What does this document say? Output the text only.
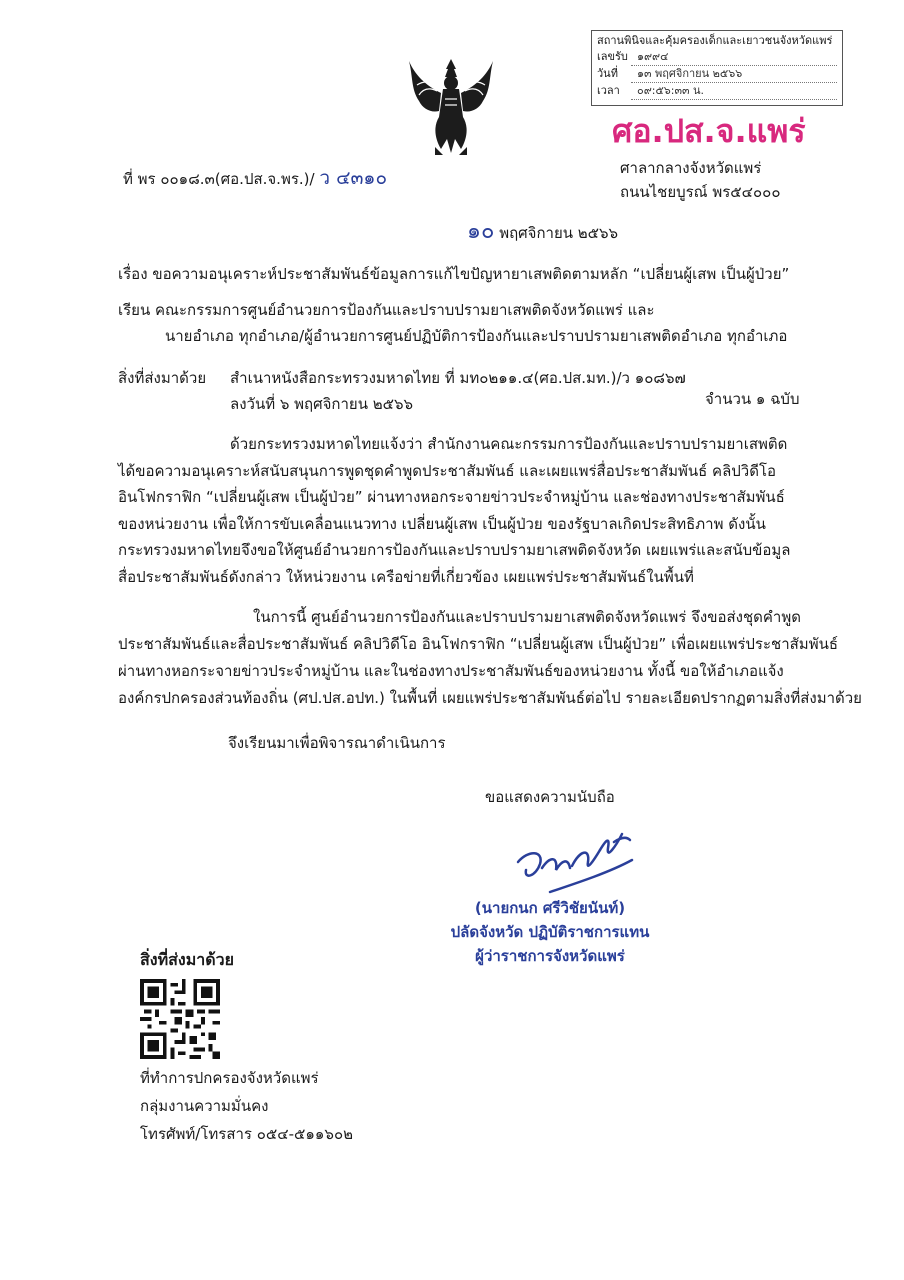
สถานพินิจและคุ้มครองเด็กและเยาวชนจังหวัดแพร่
เลขรับ ๑๙๙๔
วันที่	๑๓ พฤศจิกายน ๒๕๖๖
เวลา	๐๙:๕๖:๓๓ น.
ศอ.ปส.จ.แพร่
ที่ พร ๐๐๑๘.๓(ศอ.ปส.จ.พร.)/ ว ๔๓๑๐	ศาลากลางจังหวัดแพร่
ถนนไชยบูรณ์ พร๕๔๐๐๐
๑๐ พฤศจิกายน ๒๕๖๖
เรื่อง ขอความอนุเคราะห์ประชาสัมพันธ์ข้อมูลการแก้ไขปัญหายาเสพติดตามหลัก “เปลี่ยนผู้เสพ เป็นผู้ป่วย”
เรียน คณะกรรมการศูนย์อำนวยการป้องกันและปราบปรามยาเสพติดจังหวัดแพร่ และ
นายอำเภอ ทุกอำเภอ/ผู้อำนวยการศูนย์ปฏิบัติการป้องกันและปราบปรามยาเสพติดอำเภอ ทุกอำเภอ
สิ่งที่ส่งมาด้วย สำเนาหนังสือกระทรวงมหาดไทย ที่ มท๐๒๑๑.๔(ศอ.ปส.มท.)/ว ๑๐๘๖๗
ลงวันที่ ๖ พฤศจิกายน ๒๕๖๖	จำนวน ๑ ฉบับ

ด้วยกระทรวงมหาดไทยแจ้งว่า สำนักงานคณะกรรมการป้องกันและปราบปรามยาเสพติด

ได้ขอความอนุเคราะห์สนับสนุนการพูดชุดคำพูดประชาสัมพันธ์ และเผยแพร่สื่อประชาสัมพันธ์ คลิปวิดีโอ

อินโฟกราฟิก “เปลี่ยนผู้เสพ เป็นผู้ป่วย” ผ่านทางหอกระจายข่าวประจำหมู่บ้าน และช่องทางประชาสัมพันธ์

ของหน่วยงาน เพื่อให้การขับเคลื่อนแนวทาง เปลี่ยนผู้เสพ เป็นผู้ป่วย ของรัฐบาลเกิดประสิทธิภาพ ดังนั้น

กระทรวงมหาดไทยจึงขอให้ศูนย์อำนวยการป้องกันและปราบปรามยาเสพติดจังหวัด เผยแพร่และสนับข้อมูล

สื่อประชาสัมพันธ์ดังกล่าว ให้หน่วยงาน เครือข่ายที่เกี่ยวข้อง เผยแพร่ประชาสัมพันธ์ในพื้นที่

ในการนี้ ศูนย์อำนวยการป้องกันและปราบปรามยาเสพติดจังหวัดแพร่ จึงขอส่งชุดคำพูด

ประชาสัมพันธ์และสื่อประชาสัมพันธ์ คลิปวิดีโอ อินโฟกราฟิก “เปลี่ยนผู้เสพ เป็นผู้ป่วย” เพื่อเผยแพร่ประชาสัมพันธ์

ผ่านทางหอกระจายข่าวประจำหมู่บ้าน และในช่องทางประชาสัมพันธ์ของหน่วยงาน ทั้งนี้ ขอให้อำเภอแจ้ง

องค์กรปกครองส่วนท้องถิ่น (ศป.ปส.อปท.) ในพื้นที่ เผยแพร่ประชาสัมพันธ์ต่อไป รายละเอียดปรากฏตามสิ่งที่ส่งมาด้วย

จึงเรียนมาเพื่อพิจารณาดำเนินการ
ขอแสดงความนับถือ
(นายกนก ศรีวิชัยนันท์)
ปลัดจังหวัด ปฏิบัติราชการแทน
ผู้ว่าราชการจังหวัดแพร่
สิ่งที่ส่งมาด้วย
ที่ทำการปกครองจังหวัดแพร่
กลุ่มงานความมั่นคง
โทรศัพท์/โทรสาร ๐๕๔-๕๑๑๖๐๒
